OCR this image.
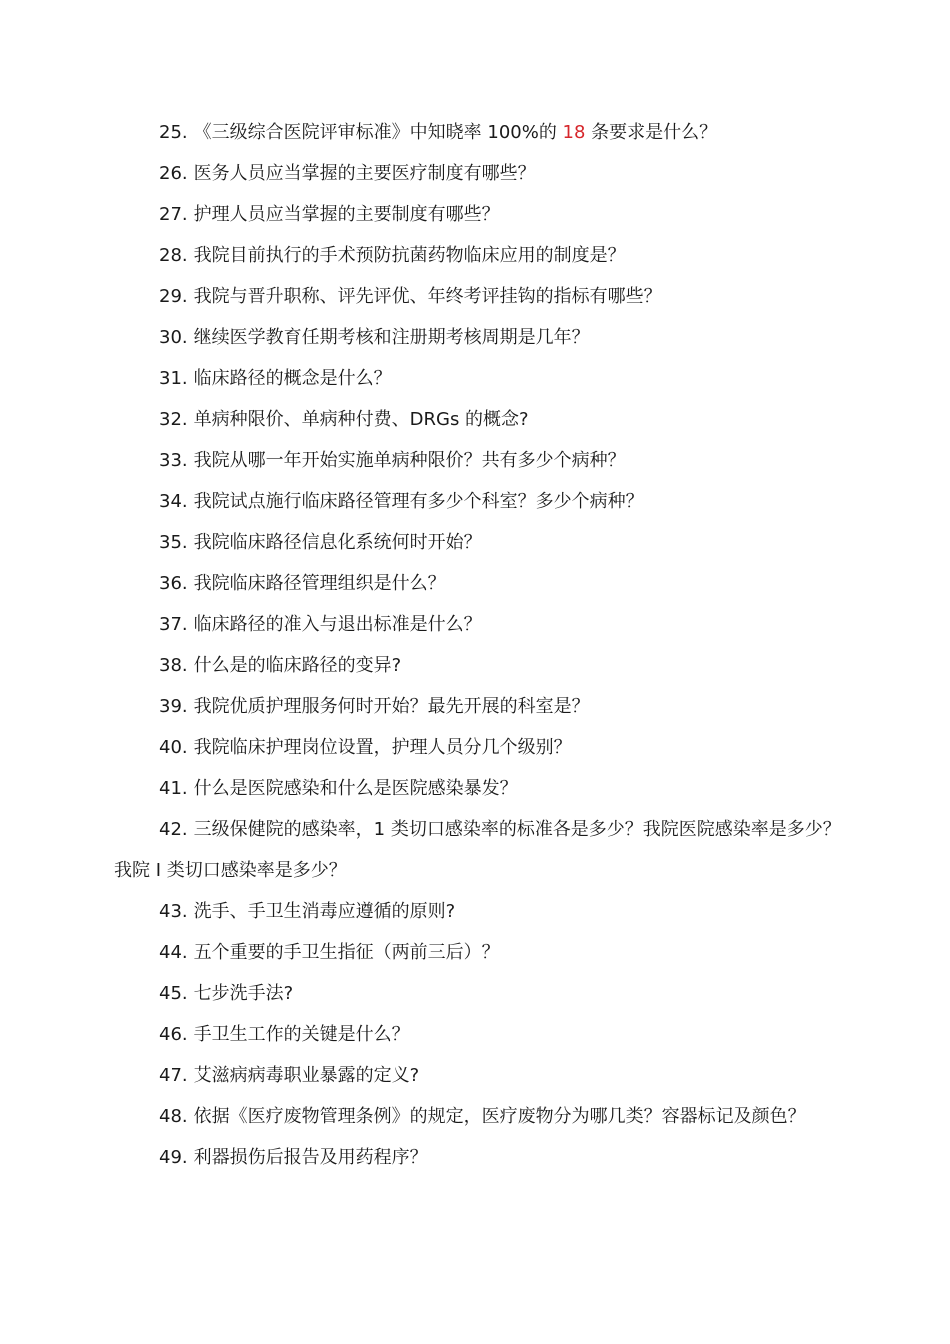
25. 《三级综合医院评审标准》中知晓率 100%的 18 条要求是什么？

26. 医务人员应当掌握的主要医疗制度有哪些？

27. 护理人员应当掌握的主要制度有哪些？

28. 我院目前执行的手术预防抗菌药物临床应用的制度是？

29. 我院与晋升职称、评先评优、年终考评挂钩的指标有哪些？

30. 继续医学教育任期考核和注册期考核周期是几年？

31. 临床路径的概念是什么？

32. 单病种限价、单病种付费、DRGs 的概念?

33. 我院从哪一年开始实施单病种限价？共有多少个病种？

34. 我院试点施行临床路径管理有多少个科室？多少个病种？

35. 我院临床路径信息化系统何时开始？

36. 我院临床路径管理组织是什么？

37. 临床路径的准入与退出标准是什么？

38. 什么是的临床路径的变异?

39. 我院优质护理服务何时开始？最先开展的科室是？

40. 我院临床护理岗位设置，护理人员分几个级别？

41. 什么是医院感染和什么是医院感染暴发？

42. 三级保健院的感染率，1 类切口感染率的标准各是多少？我院医院感染率是多少？我院 I 类切口感染率是多少？

43. 洗手、手卫生消毒应遵循的原则?

44. 五个重要的手卫生指征（两前三后）？

45. 七步洗手法?

46. 手卫生工作的关键是什么？

47. 艾滋病病毒职业暴露的定义?

48. 依据《医疗废物管理条例》的规定，医疗废物分为哪几类？容器标记及颜色？

49. 利器损伤后报告及用药程序？
